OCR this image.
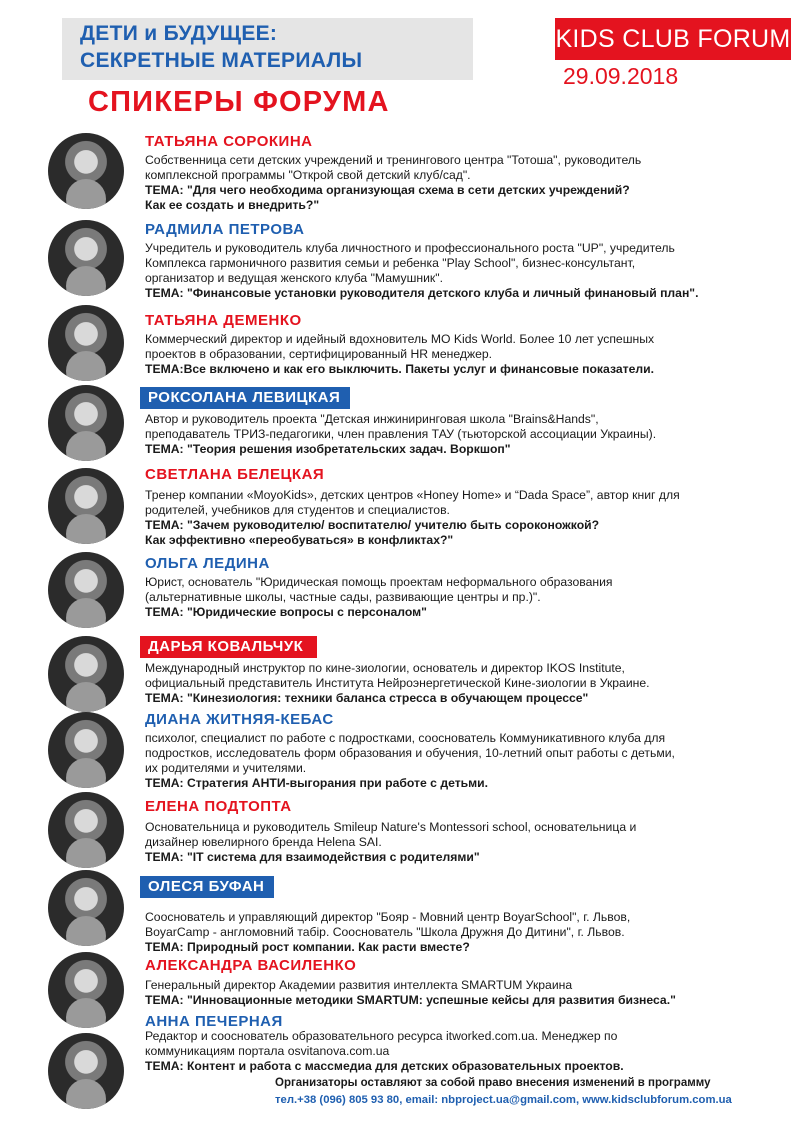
ДЕТИ и БУДУЩЕЕ:
СЕКРЕТНЫЕ МАТЕРИАЛЫ
KIDS CLUB FORUM
29.09.2018
СПИКЕРЫ ФОРУМА
ТАТЬЯНА СОРОКИНА
Собственница сети детских учреждений и тренингового центра "Тотоша", руководитель
комплексной программы "Открой свой детский клуб/сад".
ТЕМА: "Для чего необходима организующая схема в сети детских учреждений?
Как ее создать и внедрить?"
РАДМИЛА ПЕТРОВА
Учредитель и руководитель клуба личностного и профессионального роста "UP", учредитель
Комплекса гармоничного развития семьи и ребенка "Play School", бизнес-консультант,
организатор и ведущая женского клуба "Мамушник".
ТЕМА: "Финансовые установки руководителя детского клуба и личный финановый план".
ТАТЬЯНА ДЕМЕНКО
Коммерческий директор и идейный вдохновитель МО Kids World. Более 10 лет успешных
проектов в образовании, сертифицированный HR менеджер.
ТЕМА:Все включено и как его выключить. Пакеты услуг и финансовые показатели.
РОКСОЛАНА ЛЕВИЦКАЯ
Автор и руководитель проекта "Детская инжиниринговая школа "Brains&Hands",
преподаватель ТРИЗ-педагогики, член правления ТАУ (тьюторской ассоциации Украины).
ТЕМА: "Теория решения изобретательских задач. Воркшоп"
СВЕТЛАНА БЕЛЕЦКАЯ
Тренер компании «MoyoKids», детских центров «Honey Home» и “Dada Space”, автор книг для
родителей, учебников для студентов и специалистов.
ТЕМА: "Зачем руководителю/ воспитателю/ учителю быть сороконожкой?
Как эффективно «переобуваться» в конфликтах?"
ОЛЬГА ЛЕДИНА
Юрист, основатель "Юридическая помощь проектам неформального образования
(альтернативные школы, частные сады, развивающие центры и пр.)".
ТЕМА: "Юридические вопросы с персоналом"
ДАРЬЯ КОВАЛЬЧУК
Международный инструктор по кине-зиологии, основатель и директор IKOS Institute,
официальный представитель Института Нейроэнергетической Кине-зиологии в Украине.
ТЕМА: "Кинезиология: техники баланса стресса в обучающем процессе"
ДИАНА ЖИТНЯЯ-КЕБАС
психолог, специалист по работе с подростками, сооснователь Коммуникативного клуба для
подростков, исследователь форм образования и обучения, 10-летний опыт работы с детьми,
их родителями и учителями.
ТЕМА: Стратегия АНТИ-выгорания при работе с детьми.
ЕЛЕНА ПОДТОПТА
Основательница и руководитель Smileup Nature's Montessori school, основательница и
дизайнер ювелирного бренда Helena SAI.
ТЕМА: "IT система для взаимодействия с родителями"
ОЛЕСЯ БУФАН
Сооснователь и управляющий директор "Бояр - Мовний центр BoyarSchool", г. Львов,
BoyarCamp - англомовний табір. Сооснователь "Школа Дружня До Дитини", г. Львов.
ТЕМА: Природный рост компании. Как расти вместе?
АЛЕКСАНДРА ВАСИЛЕНКО
Генеральный директор Академии развития интеллекта SMARTUM Украина
ТЕМА: "Инновационные методики SMARTUM: успешные кейсы для развития бизнеса."
АННА ПЕЧЕРНАЯ
Редактор и сооснователь образовательного ресурса itworked.com.ua. Менеджер по
коммуникациям портала osvitanova.com.ua
ТЕМА: Контент и работа с массмедиа для детских образовательных проектов.
Организаторы оставляют за собой право внесения изменений в программу
тел.+38 (096) 805 93 80, email: nbproject.ua@gmail.com, www.kidsclubforum.com.ua
